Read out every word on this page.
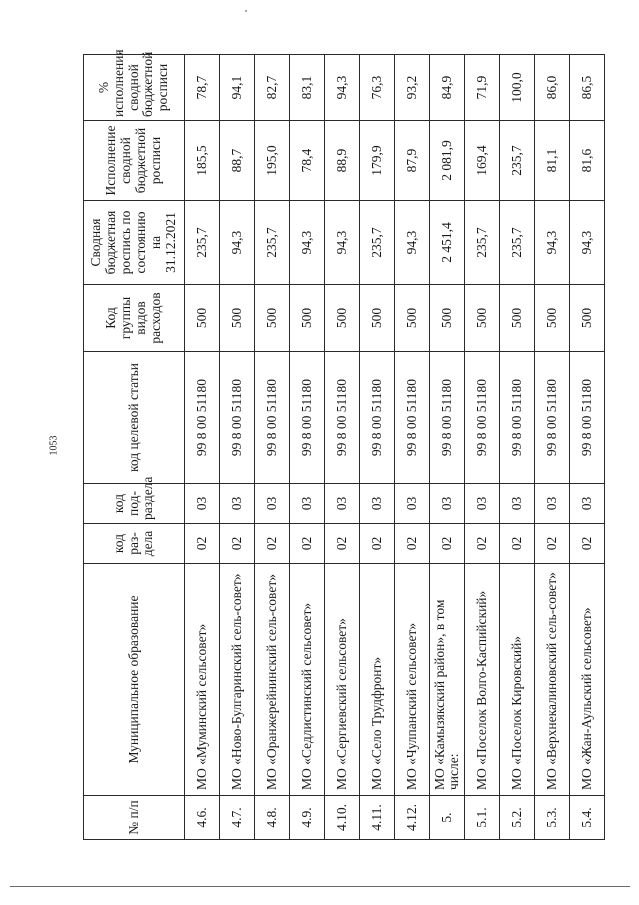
1053
№ п/п	Муниципальное образование	код раз-дела	код под-раздела	код целевой статьи	Код группы видов расходов	Сводная бюджетная роспись по состоянию на 31.12.2021	Исполнение сводной бюджетной росписи	% исполнения сводной бюджетной росписи
4.6.	МО «Муминский сельсовет»	02	03	99 8 00 51180	500	235,7	185,5	78,7
4.7.	МО «Ново-Булгаринский сель-совет»	02	03	99 8 00 51180	500	94,3	88,7	94,1
4.8.	МО «Оранжерейнинский сель-совет»	02	03	99 8 00 51180	500	235,7	195,0	82,7
4.9.	МО «Седлистинский сельсовет»	02	03	99 8 00 51180	500	94,3	78,4	83,1
4.10.	МО «Сергиевский сельсовет»	02	03	99 8 00 51180	500	94,3	88,9	94,3
4.11.	МО «Село Трудфронт»	02	03	99 8 00 51180	500	235,7	179,9	76,3
4.12.	МО «Чулпанский сельсовет»	02	03	99 8 00 51180	500	94,3	87,9	93,2
5.	МО «Камызякский район», в том числе:	02	03	99 8 00 51180	500	2 451,4	2 081,9	84,9
5.1.	МО «Поселок Волго-Каспийский»	02	03	99 8 00 51180	500	235,7	169,4	71,9
5.2.	МО «Поселок Кировский»	02	03	99 8 00 51180	500	235,7	235,7	100,0
5.3.	МО «Верхнекалиновский сель-совет»	02	03	99 8 00 51180	500	94,3	81,1	86,0
5.4.	МО «Жан-Аульский сельсовет»	02	03	99 8 00 51180	500	94,3	81,6	86,5
